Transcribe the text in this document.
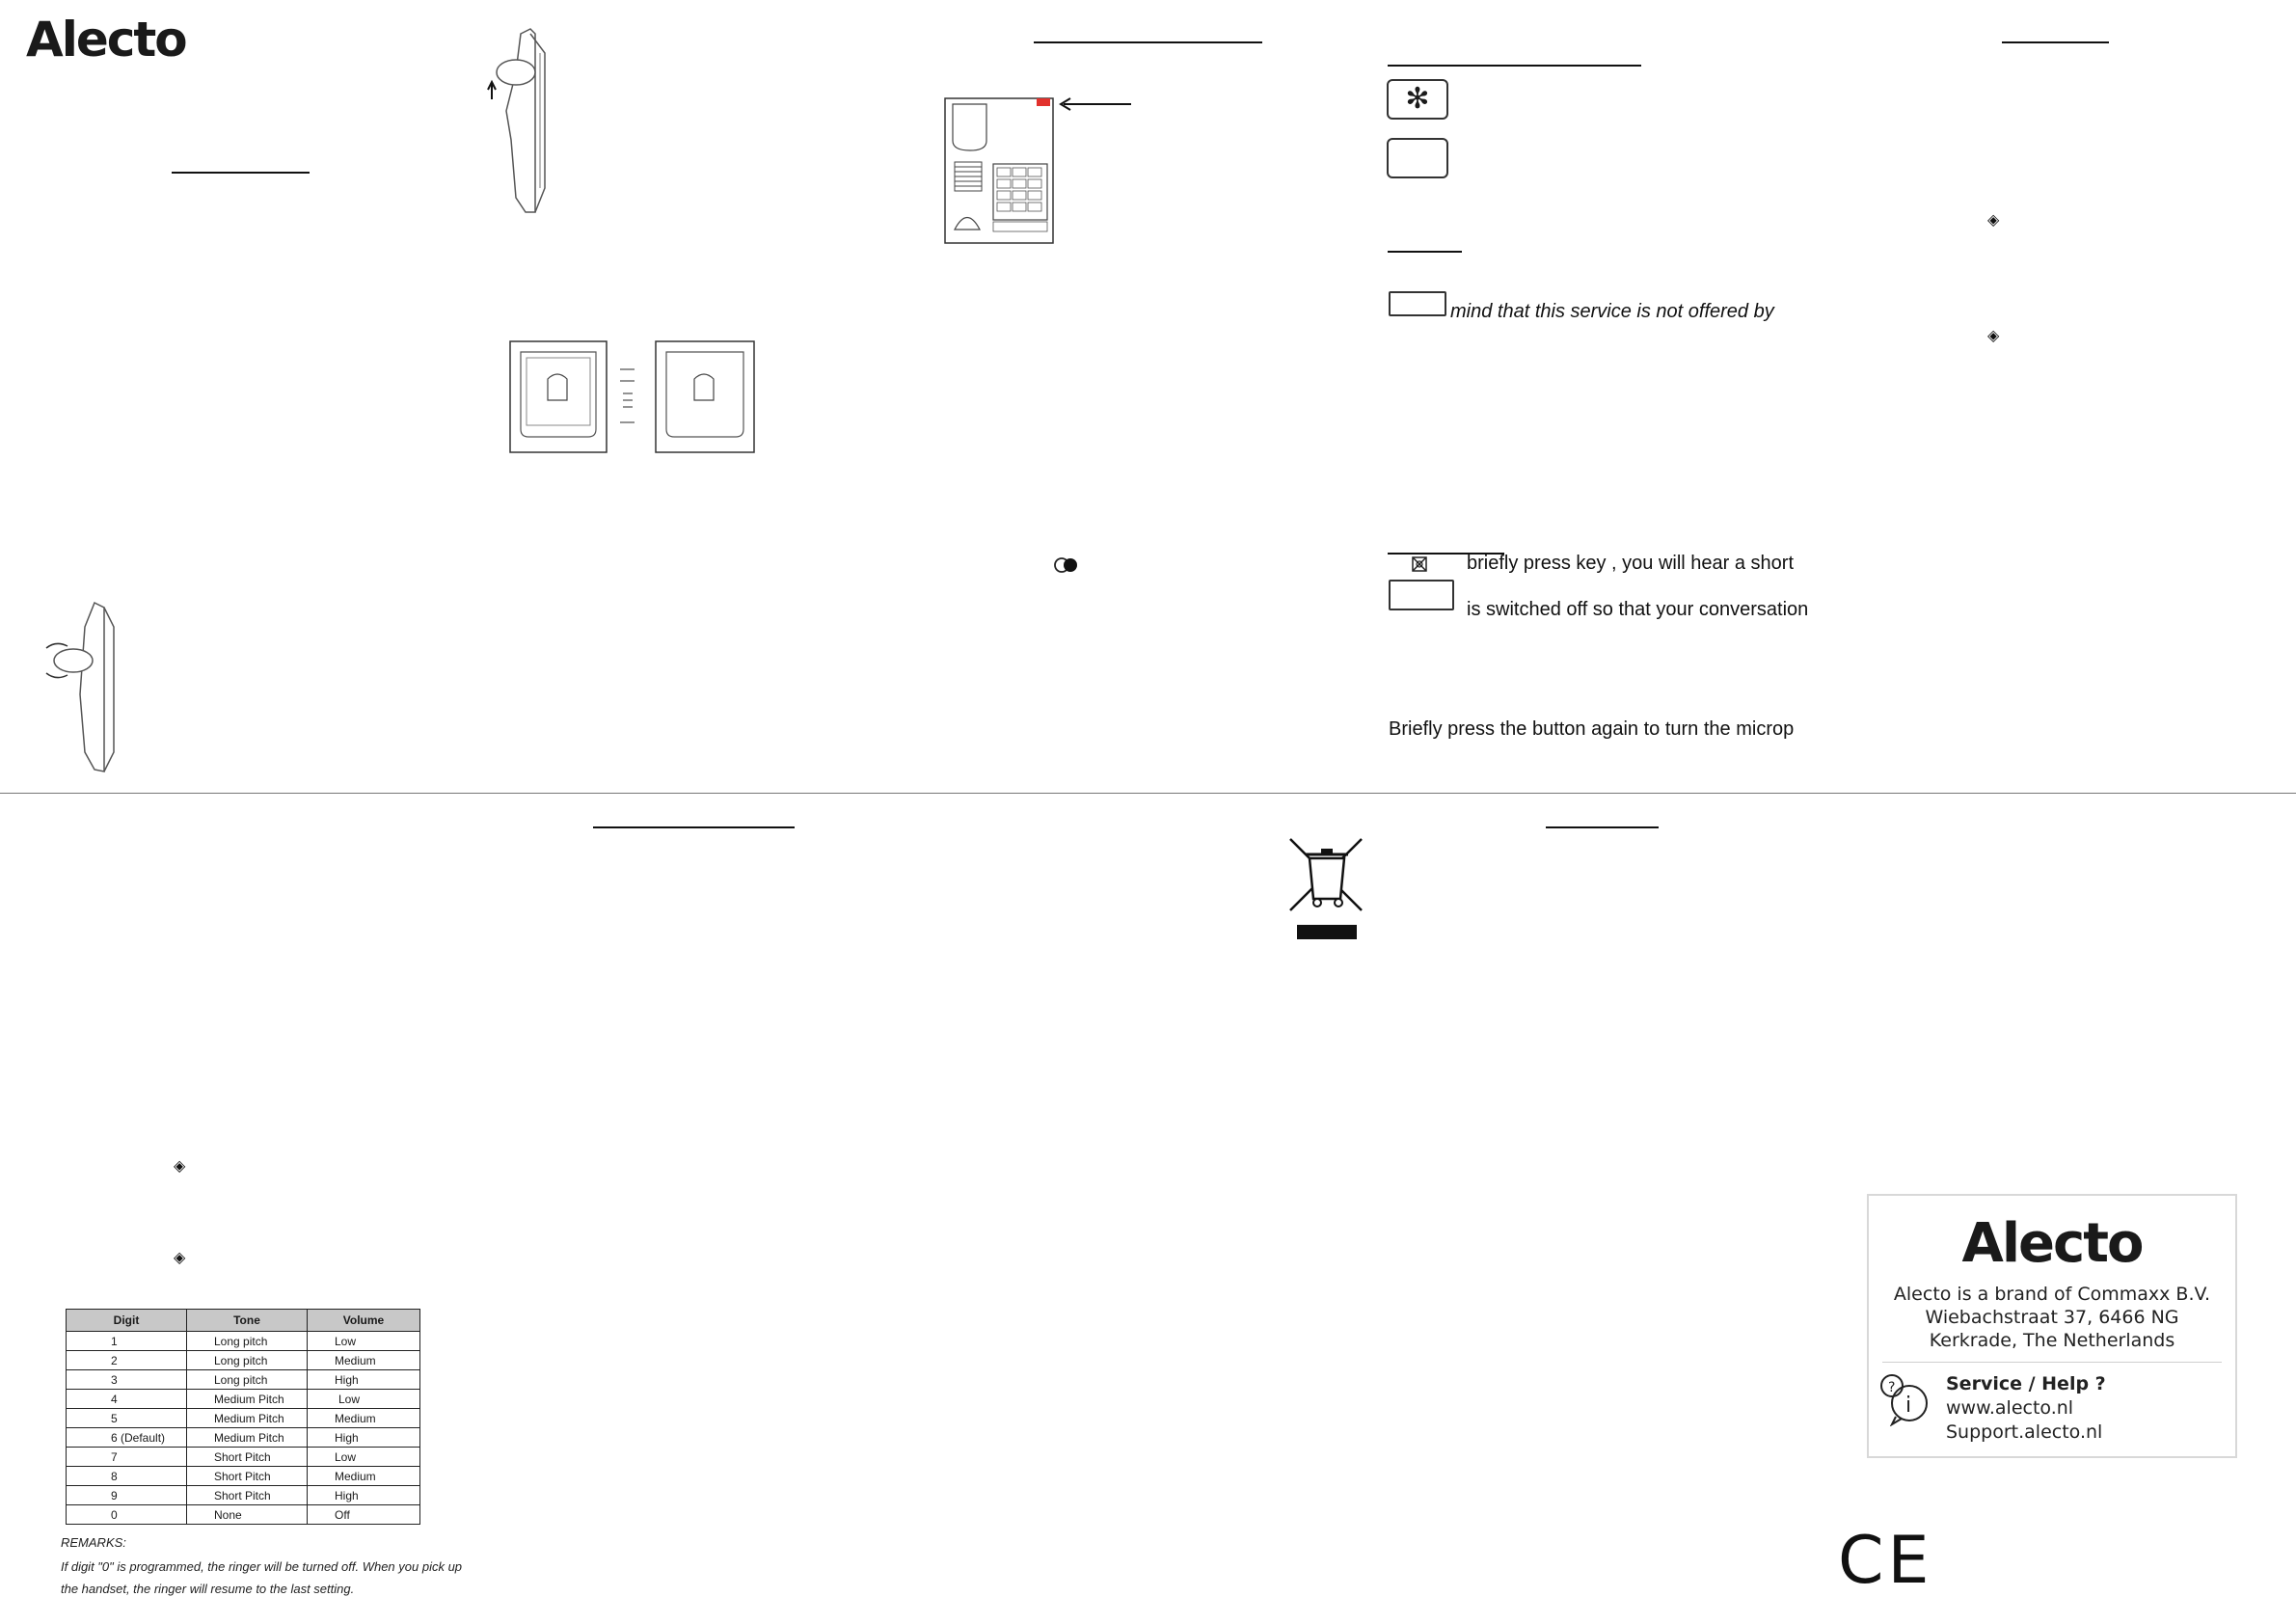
Alecto
✻
mind that this service is not offered by
briefly press key , you will hear a short
is switched off so that your conversation
Briefly press the button again to turn the microp
◈
◈
◈
◈
Digit	Tone	Volume
1	Long pitch	Low
2	Long pitch	Medium
3	Long pitch	High
4	Medium Pitch	Low
5	Medium Pitch	Medium
6 (Default)	Medium Pitch	High
7	Short Pitch	Low
8	Short Pitch	Medium
9	Short Pitch	High
0	None	Off
REMARKS:
If digit "0" is programmed, the ringer will be turned off. When you pick up
the handset, the ringer will resume to the last setting.
Alecto
Alecto is a brand of Commaxx B.V.
Wiebachstraat 37, 6466 NG
Kerkrade, The Netherlands
?
i
Service / Help ? www.alecto.nl
Support.alecto.nl
CE
